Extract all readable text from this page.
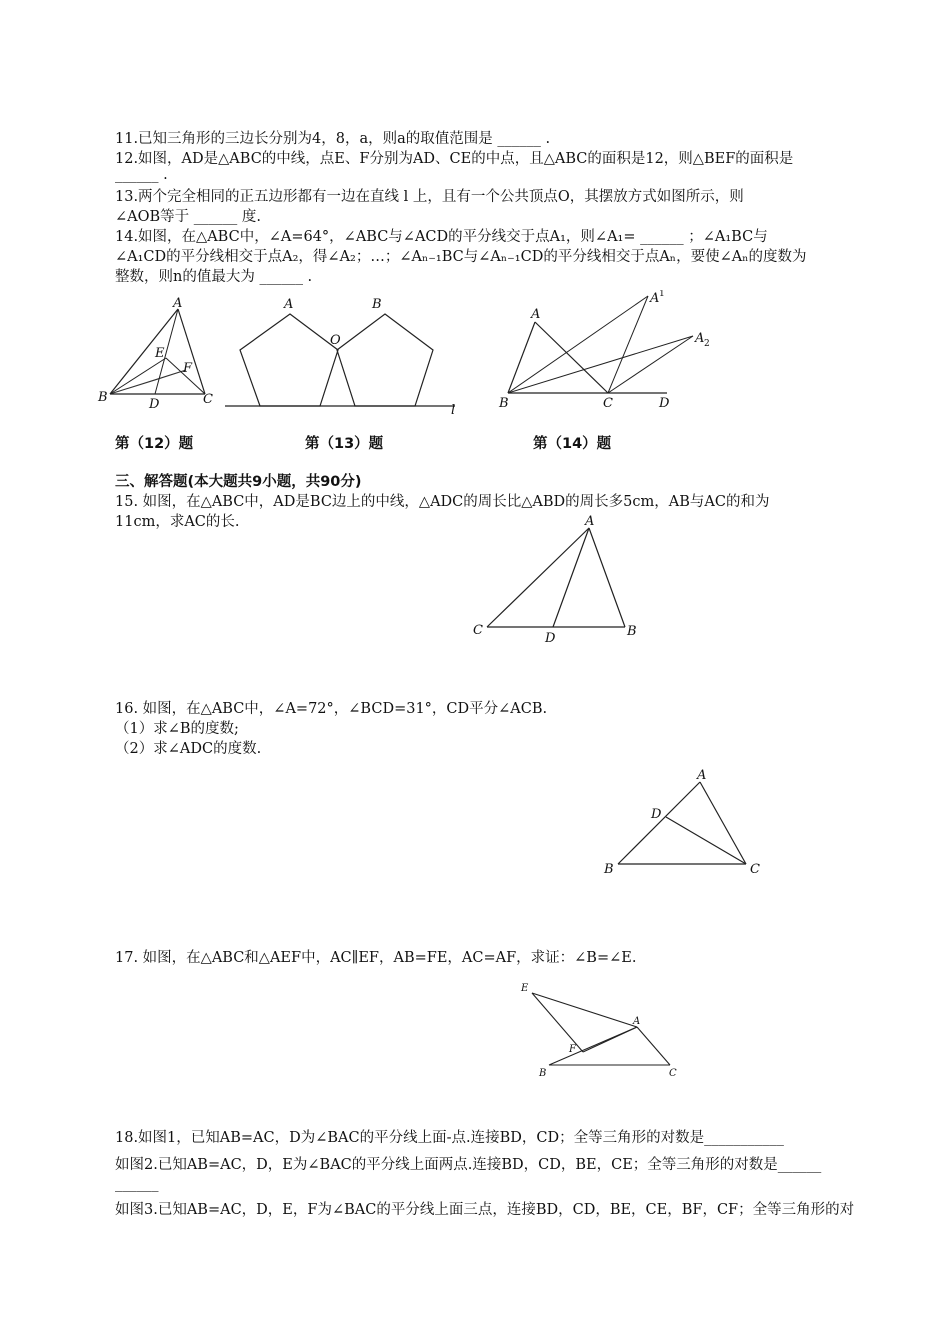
11.已知三角形的三边长分别为4，8，a，则a的取值范围是 ______ .
12.如图，AD是△ABC的中线，点E、F分别为AD、CE的中点，且△ABC的面积是12，则△BEF的面积是
______ .
13.两个完全相同的正五边形都有一边在直线 l 上，且有一个公共顶点O，其摆放方式如图所示，则
∠AOB等于 ______ 度.
14.如图，在△ABC中，∠A=64°，∠ABC与∠ACD的平分线交于点A₁，则∠A₁= ______ ；∠A₁BC与
∠A₁CD的平分线相交于点A₂，得∠A₂；…；∠Aₙ₋₁BC与∠Aₙ₋₁CD的平分线相交于点Aₙ，要使∠Aₙ的度数为
整数，则n的值最大为 ______ .
A
B	C
D
E
F
A
O
B
l
A
B	C	D
A 1
A 2
第（12）题	第（13）题	第（14）题
三、解答题(本大题共9小题，共90分)
15. 如图，在△ABC中，AD是BC边上的中线，△ADC的周长比△ABD的周长多5cm，AB与AC的和为
11cm，求AC的长.	A
C
D	B
16. 如图，在△ABC中，∠A=72°，∠BCD=31°，CD平分∠ACB.
（1）求∠B的度数;
（2）求∠ADC的度数.
A
D
B	C
17. 如图，在△ABC和△AEF中，AC∥EF，AB=FE，AC=AF，求证：∠B=∠E.
E
A
F
B	C
18.如图1，已知AB=AC，D为∠BAC的平分线上面-点.连接BD，CD；全等三角形的对数是___________
如图2.已知AB=AC，D，E为∠BAC的平分线上面两点.连接BD，CD，BE，CE；全等三角形的对数是______
______
如图3.已知AB=AC，D，E，F为∠BAC的平分线上面三点，连接BD，CD，BE，CE，BF，CF；全等三角形的对
